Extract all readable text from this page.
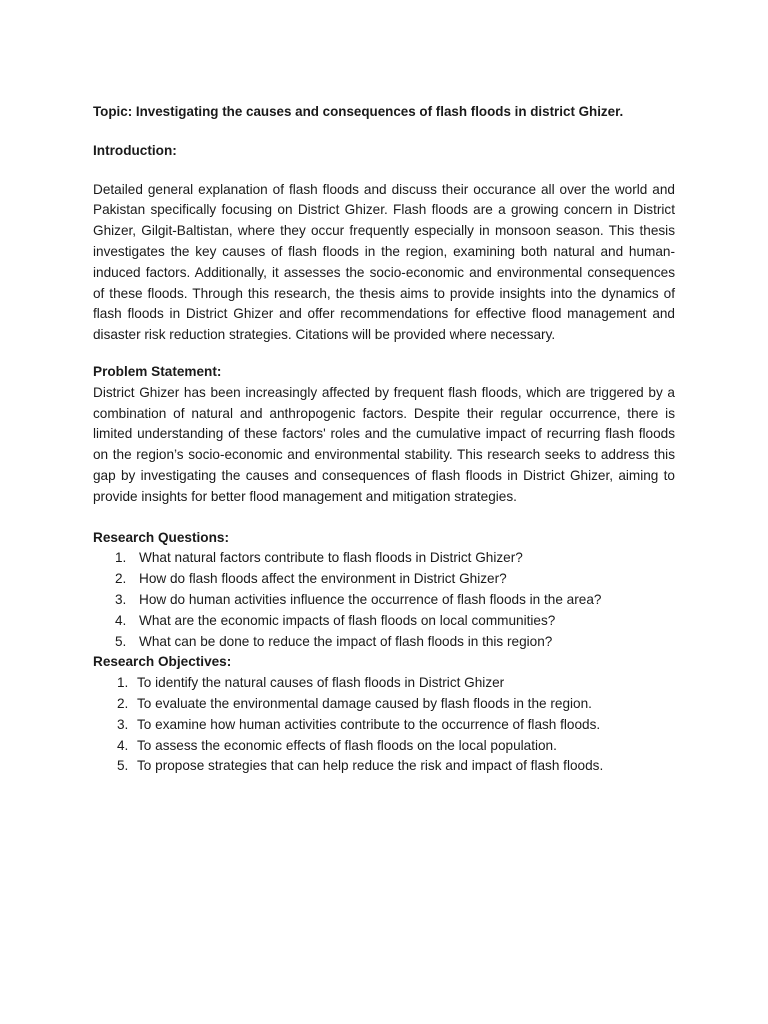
Topic: Investigating the causes and consequences of flash floods in district Ghizer.

Introduction:

Detailed general explanation of flash floods and discuss their occurance all over the world and Pakistan specifically focusing on District Ghizer. Flash floods are a growing concern in District Ghizer, Gilgit-Baltistan, where they occur frequently especially in monsoon season. This thesis investigates the key causes of flash floods in the region, examining both natural and human-induced factors. Additionally, it assesses the socio-economic and environmental consequences of these floods. Through this research, the thesis aims to provide insights into the dynamics of flash floods in District Ghizer and offer recommendations for effective flood management and disaster risk reduction strategies. Citations will be provided where necessary.

Problem Statement:

District Ghizer has been increasingly affected by frequent flash floods, which are triggered by a combination of natural and anthropogenic factors. Despite their regular occurrence, there is limited understanding of these factors' roles and the cumulative impact of recurring flash floods on the region’s socio-economic and environmental stability. This research seeks to address this gap by investigating the causes and consequences of flash floods in District Ghizer, aiming to provide insights for better flood management and mitigation strategies.

Research Questions:

1. What natural factors contribute to flash floods in District Ghizer?
2. How do flash floods affect the environment in District Ghizer?
3. How do human activities influence the occurrence of flash floods in the area?
4. What are the economic impacts of flash floods on local communities?
5. What can be done to reduce the impact of flash floods in this region?

Research Objectives:

1. To identify the natural causes of flash floods in District Ghizer
2. To evaluate the environmental damage caused by flash floods in the region.
3. To examine how human activities contribute to the occurrence of flash floods.
4. To assess the economic effects of flash floods on the local population.
5. To propose strategies that can help reduce the risk and impact of flash floods.
